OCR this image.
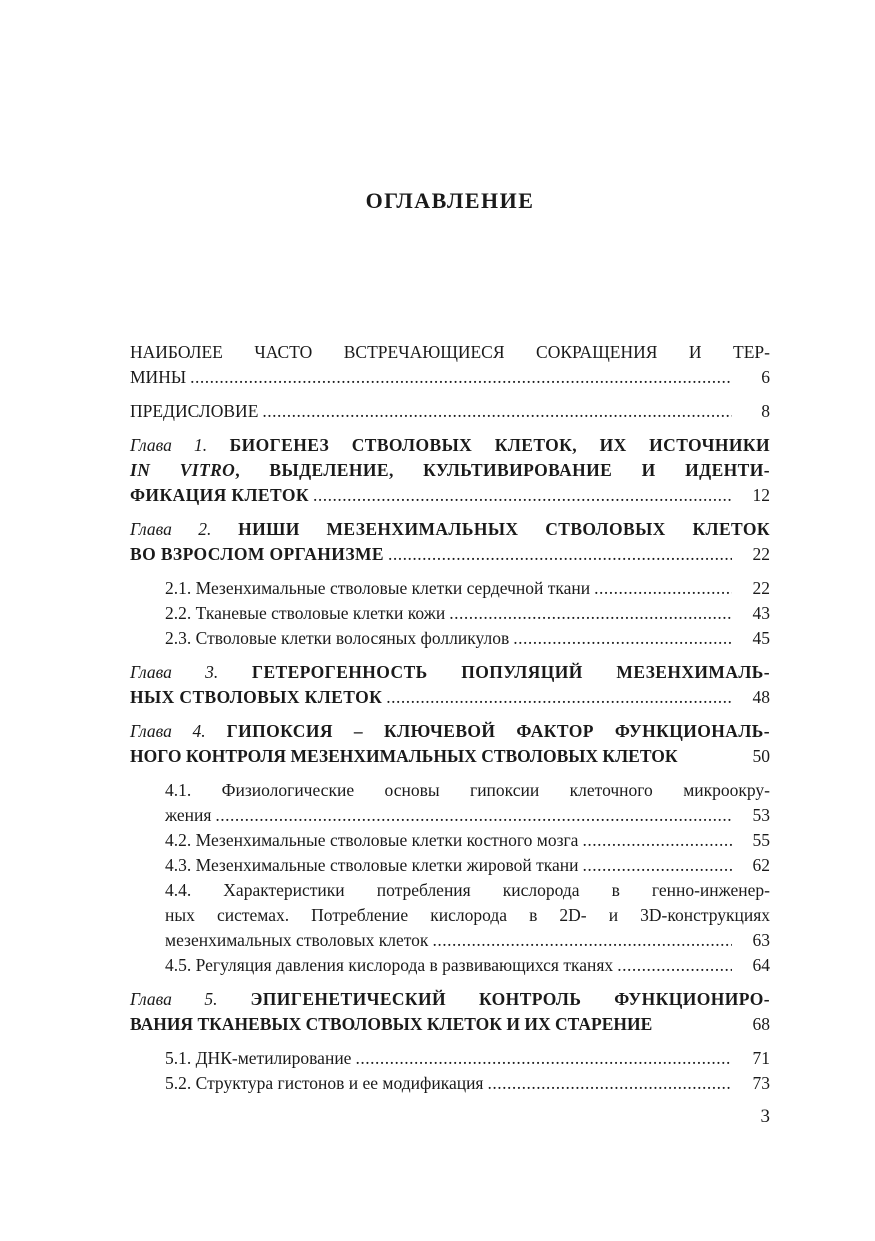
ОГЛАВЛЕНИЕ
НАИБОЛЕЕ ЧАСТО ВСТРЕЧАЮЩИЕСЯ СОКРАЩЕНИЯ И ТЕР-
МИНЫ .....	6
ПРЕДИСЛОВИЕ .....	8
Глава 1. БИОГЕНЕЗ СТВОЛОВЫХ КЛЕТОК, ИХ ИСТОЧНИКИ
IN VITRO, ВЫДЕЛЕНИЕ, КУЛЬТИВИРОВАНИЕ И ИДЕНТИ-
ФИКАЦИЯ КЛЕТОК .....	12
Глава 2. НИШИ МЕЗЕНХИМАЛЬНЫХ СТВОЛОВЫХ КЛЕТОК
ВО ВЗРОСЛОМ ОРГАНИЗМЕ .....	22
2.1. Мезенхимальные стволовые клетки сердечной ткани .....	22
2.2. Тканевые стволовые клетки кожи .....	43
2.3. Стволовые клетки волосяных фолликулов .....	45
Глава 3. ГЕТЕРОГЕННОСТЬ ПОПУЛЯЦИЙ МЕЗЕНХИМАЛЬ-
НЫХ СТВОЛОВЫХ КЛЕТОК .....	48
Глава 4. ГИПОКСИЯ – КЛЮЧЕВОЙ ФАКТОР ФУНКЦИОНАЛЬ-
НОГО КОНТРОЛЯ МЕЗЕНХИМАЛЬНЫХ СТВОЛОВЫХ КЛЕТОК	50
4.1. Физиологические основы гипоксии клеточного микроокру-
жения .....	53
4.2. Мезенхимальные стволовые клетки костного мозга .....	55
4.3. Мезенхимальные стволовые клетки жировой ткани .....	62
4.4. Характеристики потребления кислорода в генно-инженер-
ных системах. Потребление кислорода в 2D- и 3D-конструкциях
мезенхимальных стволовых клеток .....	63
4.5. Регуляция давления кислорода в развивающихся тканях .....	64
Глава 5. ЭПИГЕНЕТИЧЕСКИЙ КОНТРОЛЬ ФУНКЦИОНИРО-
ВАНИЯ ТКАНЕВЫХ СТВОЛОВЫХ КЛЕТОК И ИХ СТАРЕНИЕ	68
5.1. ДНК-метилирование .....	71
5.2. Структура гистонов и ее модификация .....	73
3
